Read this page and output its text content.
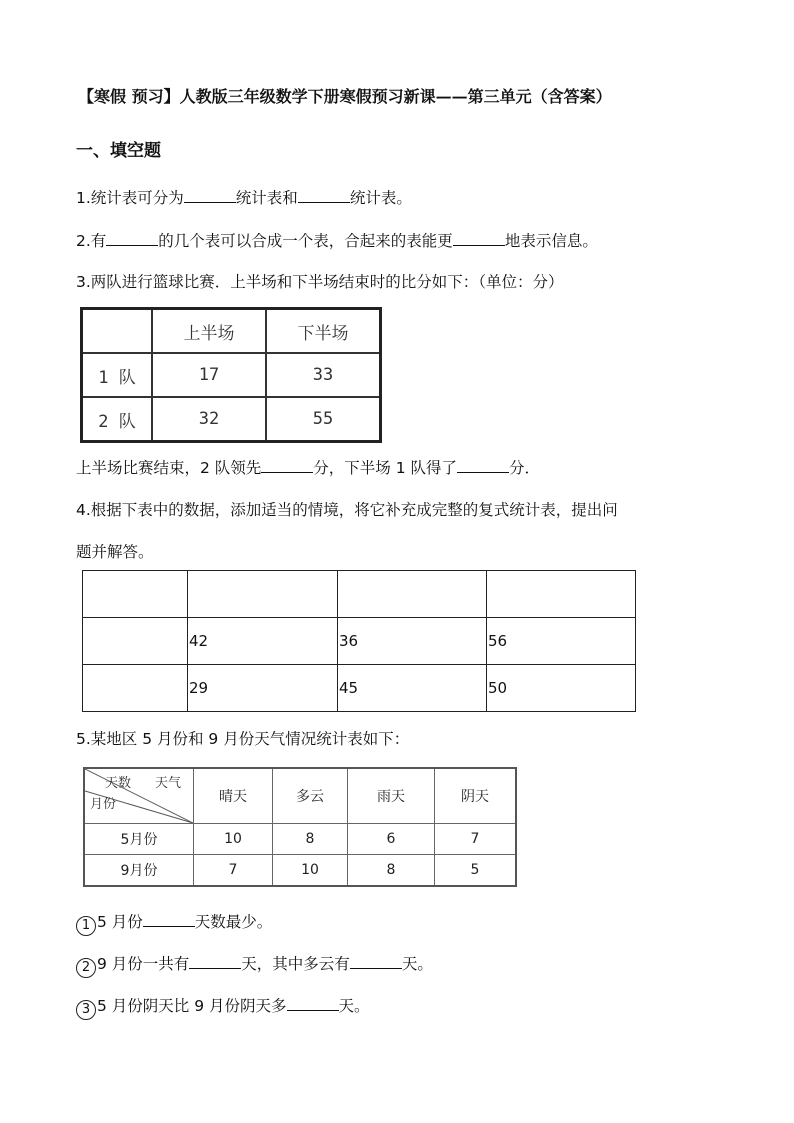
【寒假 预习】人教版三年级数学下册寒假预习新课——第三单元（含答案）
一、填空题
1.统计表可分为	统计表和	统计表。
2.有	的几个表可以合成一个表，合起来的表能更	地表示信息。
3.两队进行篮球比赛．上半场和下半场结束时的比分如下：（单位：分）
	上半场	下半场
1 队	17	33
2 队	32	55
上半场比赛结束，2 队领先	分，下半场 1 队得了	分．
4.根据下表中的数据，添加适当的情境，将它补充成完整的复式统计表，提出问
题并解答。

	42	36	56
	29	45	50
5.某地区 5 月份和 9 月份天气情况统计表如下：
天数 天气
月份	晴天	多云	雨天	阴天
5月份	10	8	6	7
9月份	7	10	8	5
1 5 月份	天数最少。
2 9 月份一共有	天，其中多云有	天。
3 5 月份阴天比 9 月份阴天多	天。
